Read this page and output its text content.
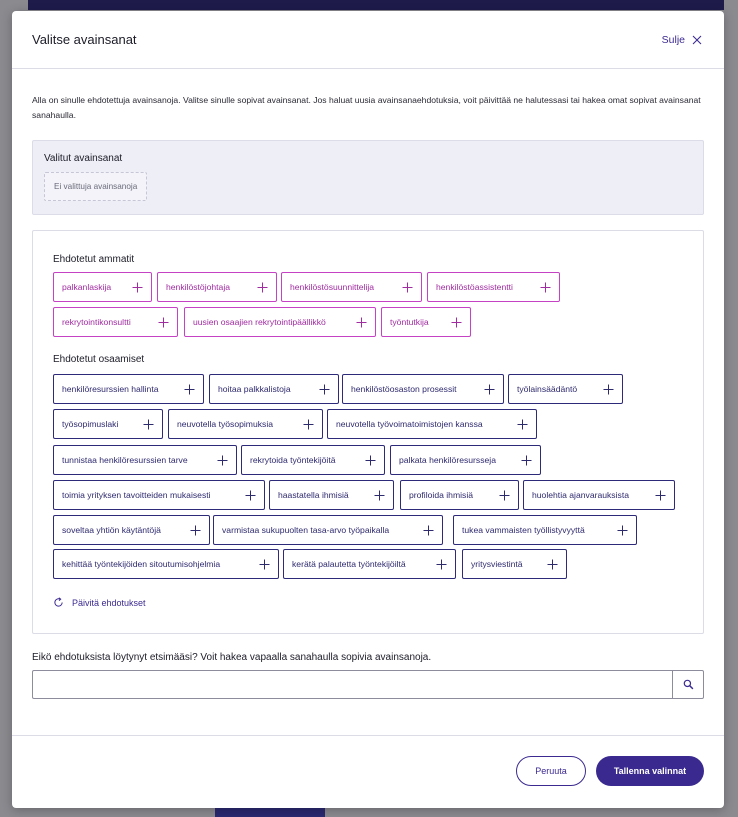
Valitse avainsanat	Sulje

Alla on sinulle ehdotettuja avainsanoja. Valitse sinulle sopivat avainsanat. Jos haluat uusia avainsanaehdotuksia, voit päivittää ne halutessasi tai hakea omat sopivat avainsanat sanahaulla.

Valitut avainsanat
Ei valittuja avainsanoja
Ehdotetut ammatit
Ehdotetut osaamiset
Päivitä ehdotukset
palkanlaskija	henkilöstöjohtaja	henkilöstösuunnittelija	henkilöstöassistentti
rekrytointikonsultti	uusien osaajien rekrytointipäällikkö	työntutkija
henkilöresurssien hallinta	hoitaa palkkalistoja	henkilöstöosaston prosessit	työlainsäädäntö
työsopimuslaki	neuvotella työsopimuksia	neuvotella työvoimatoimistojen kanssa
tunnistaa henkilöresurssien tarve	rekrytoida työntekijöitä	palkata henkilöresursseja
toimia yrityksen tavoitteiden mukaisesti	haastatella ihmisiä	profiloida ihmisiä	huolehtia ajanvarauksista
soveltaa yhtiön käytäntöjä	varmistaa sukupuolten tasa-arvo työpaikalla	tukea vammaisten työllistyvyyttä
kehittää työntekijöiden sitoutumisohjelmia	kerätä palautetta työntekijöiltä	yritysviestintä
Eikö ehdotuksista löytynyt etsimääsi? Voit hakea vapaalla sanahaulla sopivia avainsanoja.
Peruuta	Tallenna valinnat
